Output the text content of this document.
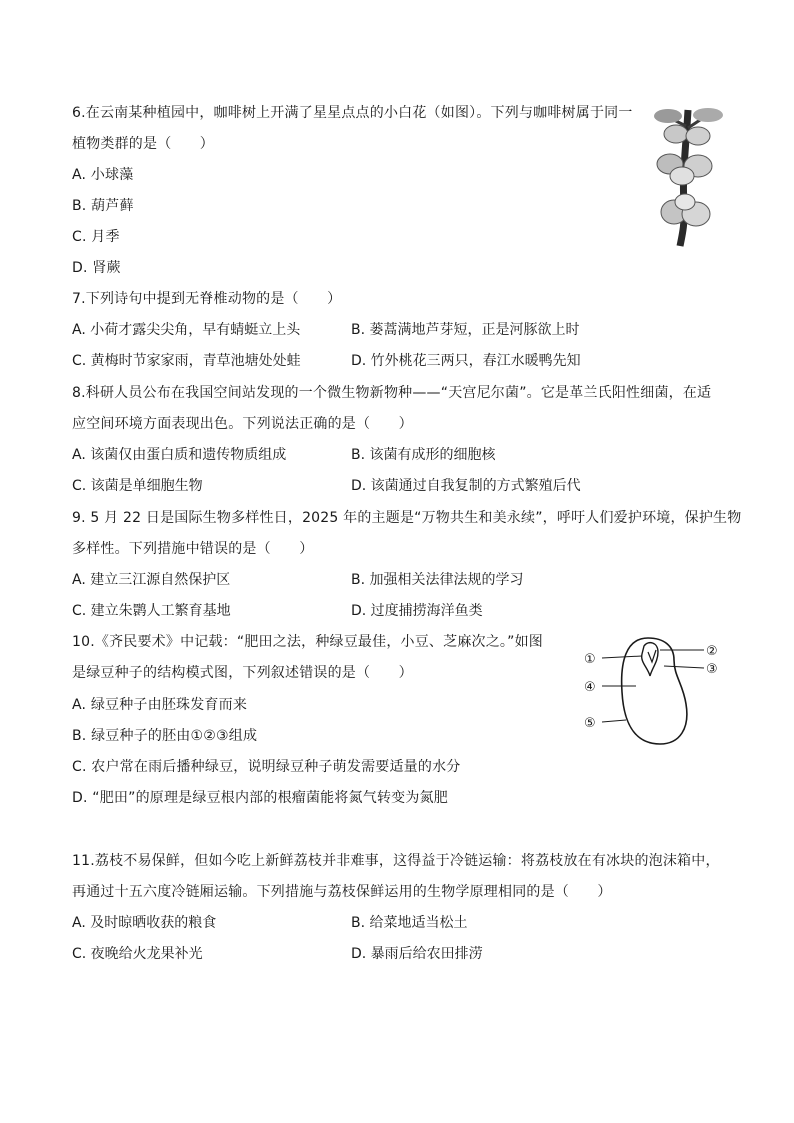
6.在云南某种植园中，咖啡树上开满了星星点点的小白花（如图）。下列与咖啡树属于同一
植物类群的是（　　）
A. 小球藻
B. 葫芦藓
C. 月季
D. 肾蕨
7.下列诗句中提到无脊椎动物的是（　　）
A. 小荷才露尖尖角，早有蜻蜓立上头	B. 蒌蒿满地芦芽短，正是河豚欲上时
C. 黄梅时节家家雨，青草池塘处处蛙	D. 竹外桃花三两只，春江水暖鸭先知
8.科研人员公布在我国空间站发现的一个微生物新物种——“天宫尼尔菌”。它是革兰氏阳性细菌，在适
应空间环境方面表现出色。下列说法正确的是（　　）
A. 该菌仅由蛋白质和遗传物质组成	B. 该菌有成形的细胞核
C. 该菌是单细胞生物	D. 该菌通过自我复制的方式繁殖后代
9. 5 月 22 日是国际生物多样性日，2025 年的主题是“万物共生和美永续”，呼吁人们爱护环境，保护生物
多样性。下列措施中错误的是（　　）
A. 建立三江源自然保护区	B. 加强相关法律法规的学习
C. 建立朱鹮人工繁育基地	D. 过度捕捞海洋鱼类
10.《齐民要术》中记载：“肥田之法，种绿豆最佳，小豆、芝麻次之。”如图
是绿豆种子的结构模式图，下列叙述错误的是（　　）
A. 绿豆种子由胚珠发育而来
B. 绿豆种子的胚由①②③组成
C. 农户常在雨后播种绿豆，说明绿豆种子萌发需要适量的水分
D. “肥田”的原理是绿豆根内部的根瘤菌能将氮气转变为氮肥
①
②
③
④
⑤
11.荔枝不易保鲜，但如今吃上新鲜荔枝并非难事，这得益于冷链运输：将荔枝放在有冰块的泡沫箱中，
再通过十五六度冷链厢运输。下列措施与荔枝保鲜运用的生物学原理相同的是（　　）
A. 及时晾晒收获的粮食	B. 给菜地适当松土
C. 夜晚给火龙果补光	D. 暴雨后给农田排涝
